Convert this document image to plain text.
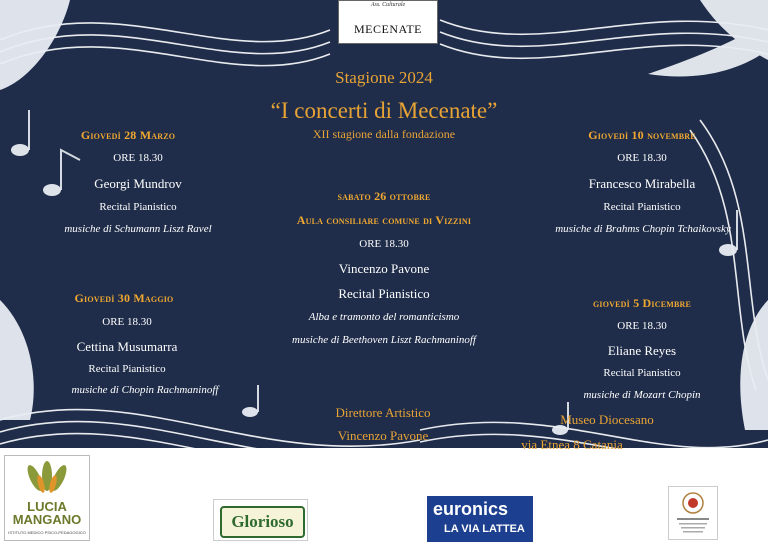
Ass. Culturale
MECENATE
Stagione 2024
“I concerti di Mecenate”
XII stagione dalla fondazione
Giovedì 28 Marzo
ORE 18.30
Georgi Mundrov
Recital Pianistico
musiche di Schumann Liszt Ravel
Giovedì 30 Maggio
ORE 18.30
Cettina Musumarra
Recital Pianistico
musiche di Chopin Rachmaninoff
sabato 26 ottobre
Aula consiliare comune di Vizzini
ORE 18.30
Vincenzo Pavone
Recital Pianistico
Alba e tramonto del romanticismo
musiche di Beethoven Liszt Rachmaninoff
Giovedì 10 novembre
ORE 18.30
Francesco Mirabella
Recital Pianistico
musiche di Brahms Chopin Tchaikovsky
giovedì 5 Dicembre
ORE 18.30
Eliane Reyes
Recital Pianistico
musiche di Mozart Chopin
Direttore Artistico
Vincenzo Pavone
Museo Diocesano
via Etnea 8 Catania
LUCIA
MANGANO
ISTITUTO MEDICO PSICO-PEDAGOGICO
Glorioso
euronics
LA VIA LATTEA
